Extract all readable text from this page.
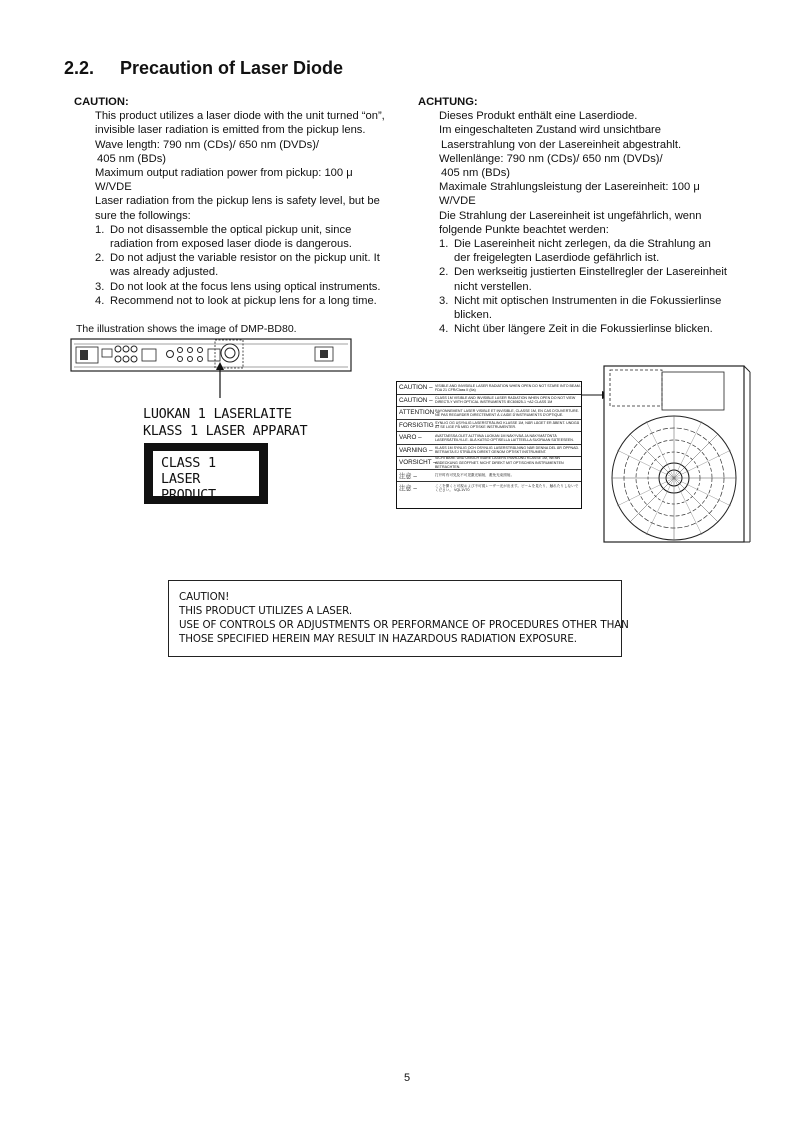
2.2. Precaution of Laser Diode

CAUTION:

This product utilizes a laser diode with the unit turned “on”,

invisible laser radiation is emitted from the pickup lens.

Wave length: 790 nm (CDs)/ 650 nm (DVDs)/

405 nm (BDs)

Maximum output radiation power from pickup: 100 μ

W/VDE

Laser radiation from the pickup lens is safety level, but be

sure the followings:

1. Do not disassemble the optical pickup unit, since

radiation from exposed laser diode is dangerous.

2. Do not adjust the variable resistor on the pickup unit. It

was already adjusted.

3. Do not look at the focus lens using optical instruments.

4. Recommend not to look at pickup lens for a long time.

ACHTUNG:

Dieses Produkt enthält eine Laserdiode.

Im eingeschalteten Zustand wird unsichtbare

Laserstrahlung von der Lasereinheit abgestrahlt.

Wellenlänge: 790 nm (CDs)/ 650 nm (DVDs)/

405 nm (BDs)

Maximale Strahlungsleistung der Lasereinheit: 100 μ

W/VDE

Die Strahlung der Lasereinheit ist ungefährlich, wenn

folgende Punkte beachtet werden:

1. Die Lasereinheit nicht zerlegen, da die Strahlung an

der freigelegten Laserdiode gefährlich ist.

2. Den werkseitig justierten Einstellregler der Lasereinheit

nicht verstellen.

3. Nicht mit optischen Instrumenten in die Fokussierlinse

blicken.

4. Nicht über längere Zeit in die Fokussierlinse blicken.

The illustration shows the image of DMP-BD80.
LUOKAN 1 LASERLAITE
KLASS 1 LASER APPARAT
CLASS 1
LASER PRODUCT
CAUTION – VISIBLE AND INVISIBLE LASER RADIATION WHEN OPEN DO NOT STARE INTO BEAM. FDA 21 CFR/Class II (IIa)
CAUTION – CLASS 1M VISIBLE AND INVISIBLE LASER RADIATION WHEN OPEN DO NOT VIEW DIRECTLY WITH OPTICAL INSTRUMENTS IEC60825-1 +A2 CLASS 1M
ATTENTION –
RAYONNEMENT LASER VISIBLE ET INVISIBLE, CLASSE 1M, EN CAS D'OUVERTURE. NE PAS REGARDER DIRECTEMENT À L'AIDE D'INSTRUMENTS D'OPTIQUE.
FORSIGTIG –
SYNLIG OG USYNLIG LASERSTRÅLING KLASSE 1M, NÅR LÅGET ER ÅBENT. UNDGÅ AT SE LIGE PÅ MED OPTISKE INSTRUMENTER.
VARO –	AVATTAESSA OLET ALTTIINA LUOKAN 1M NÄKYVÄÄ JA NÄKYMÄTÖNTÄ LASERSÄTEILYLLE. ÄLÄ KATSO OPTISELLA LAITTEELLA SUORAAN SÄTEESEEN.
VARNING – KLASS 1M SYNLIG OCH OSYNLIG LASERSTRÅLNING NÄR DENNA DEL ÄR ÖPPNAD. BETRAKTA EJ STRÅLEN DIREKT GENOM OPTISKT INSTRUMENT.
VORSICHT –
SICHTBARE UND UNSICHTBARE LASERSTRAHLUNG KLASSE 1M, WENN ABDECKUNG GEÖFFNET. NICHT DIREKT MIT OPTISCHEN INSTRUMENTEN BETRACHTEN.
注意 –	打开时有可见及不可见激光辐射，避免光束照射。
注意 –	ここを開くと可視および不可視レーザー光が出ます。ビームを見たり、触れたりしないでください。 VQL1V70

CAUTION!

THIS PRODUCT UTILIZES A LASER.

USE OF CONTROLS OR ADJUSTMENTS OR PERFORMANCE OF PROCEDURES OTHER THAN

THOSE SPECIFIED HEREIN MAY RESULT IN HAZARDOUS RADIATION EXPOSURE.

5
